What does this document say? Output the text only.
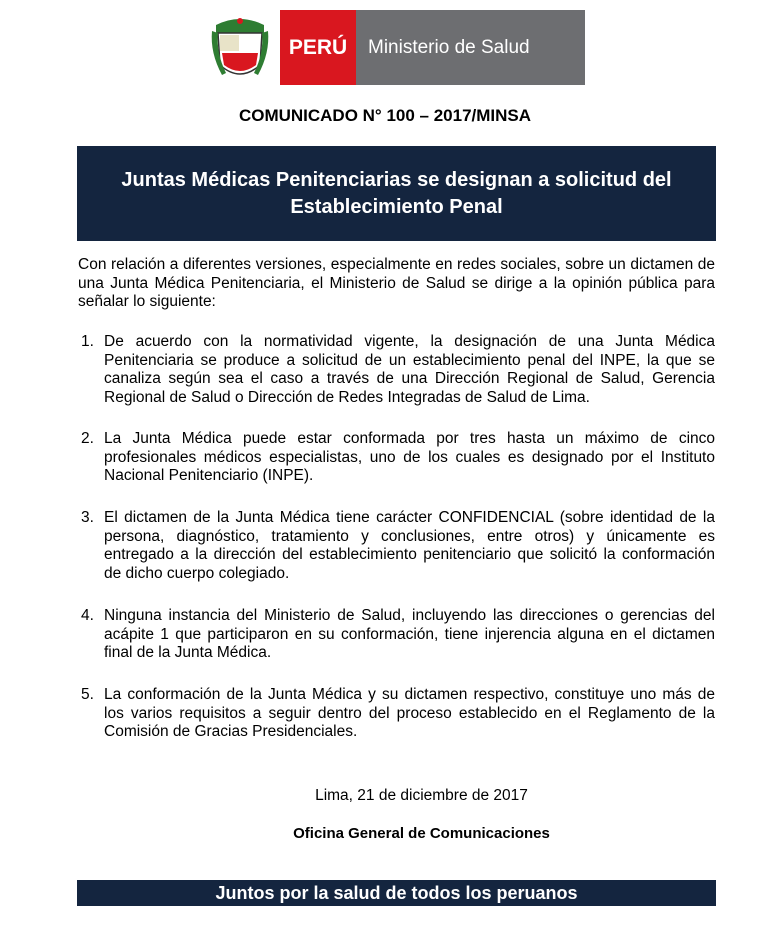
PERÚ	Ministerio de Salud
COMUNICADO N° 100 – 2017/MINSA
Juntas Médicas Penitenciarias se designan a solicitud del Establecimiento Penal
Con relación a diferentes versiones, especialmente en redes sociales, sobre un dictamen de una Junta Médica Penitenciaria, el Ministerio de Salud se dirige a la opinión pública para señalar lo siguiente:
1. De acuerdo con la normatividad vigente, la designación de una Junta Médica Penitenciaria se produce a solicitud de un establecimiento penal del INPE, la que se canaliza según sea el caso a través de una Dirección Regional de Salud, Gerencia Regional de Salud o Dirección de Redes Integradas de Salud de Lima.
2. La Junta Médica puede estar conformada por tres hasta un máximo de cinco profesionales médicos especialistas, uno de los cuales es designado por el Instituto Nacional Penitenciario (INPE).
3. El dictamen de la Junta Médica tiene carácter CONFIDENCIAL (sobre identidad de la persona, diagnóstico, tratamiento y conclusiones, entre otros) y únicamente es entregado a la dirección del establecimiento penitenciario que solicitó la conformación de dicho cuerpo colegiado.
4. Ninguna instancia del Ministerio de Salud, incluyendo las direcciones o gerencias del acápite 1 que participaron en su conformación, tiene injerencia alguna en el dictamen final de la Junta Médica.
5. La conformación de la Junta Médica y su dictamen respectivo, constituye uno más de los varios requisitos a seguir dentro del proceso establecido en el Reglamento de la Comisión de Gracias Presidenciales.
Lima, 21 de diciembre de 2017
Oficina General de Comunicaciones
Juntos por la salud de todos los peruanos
